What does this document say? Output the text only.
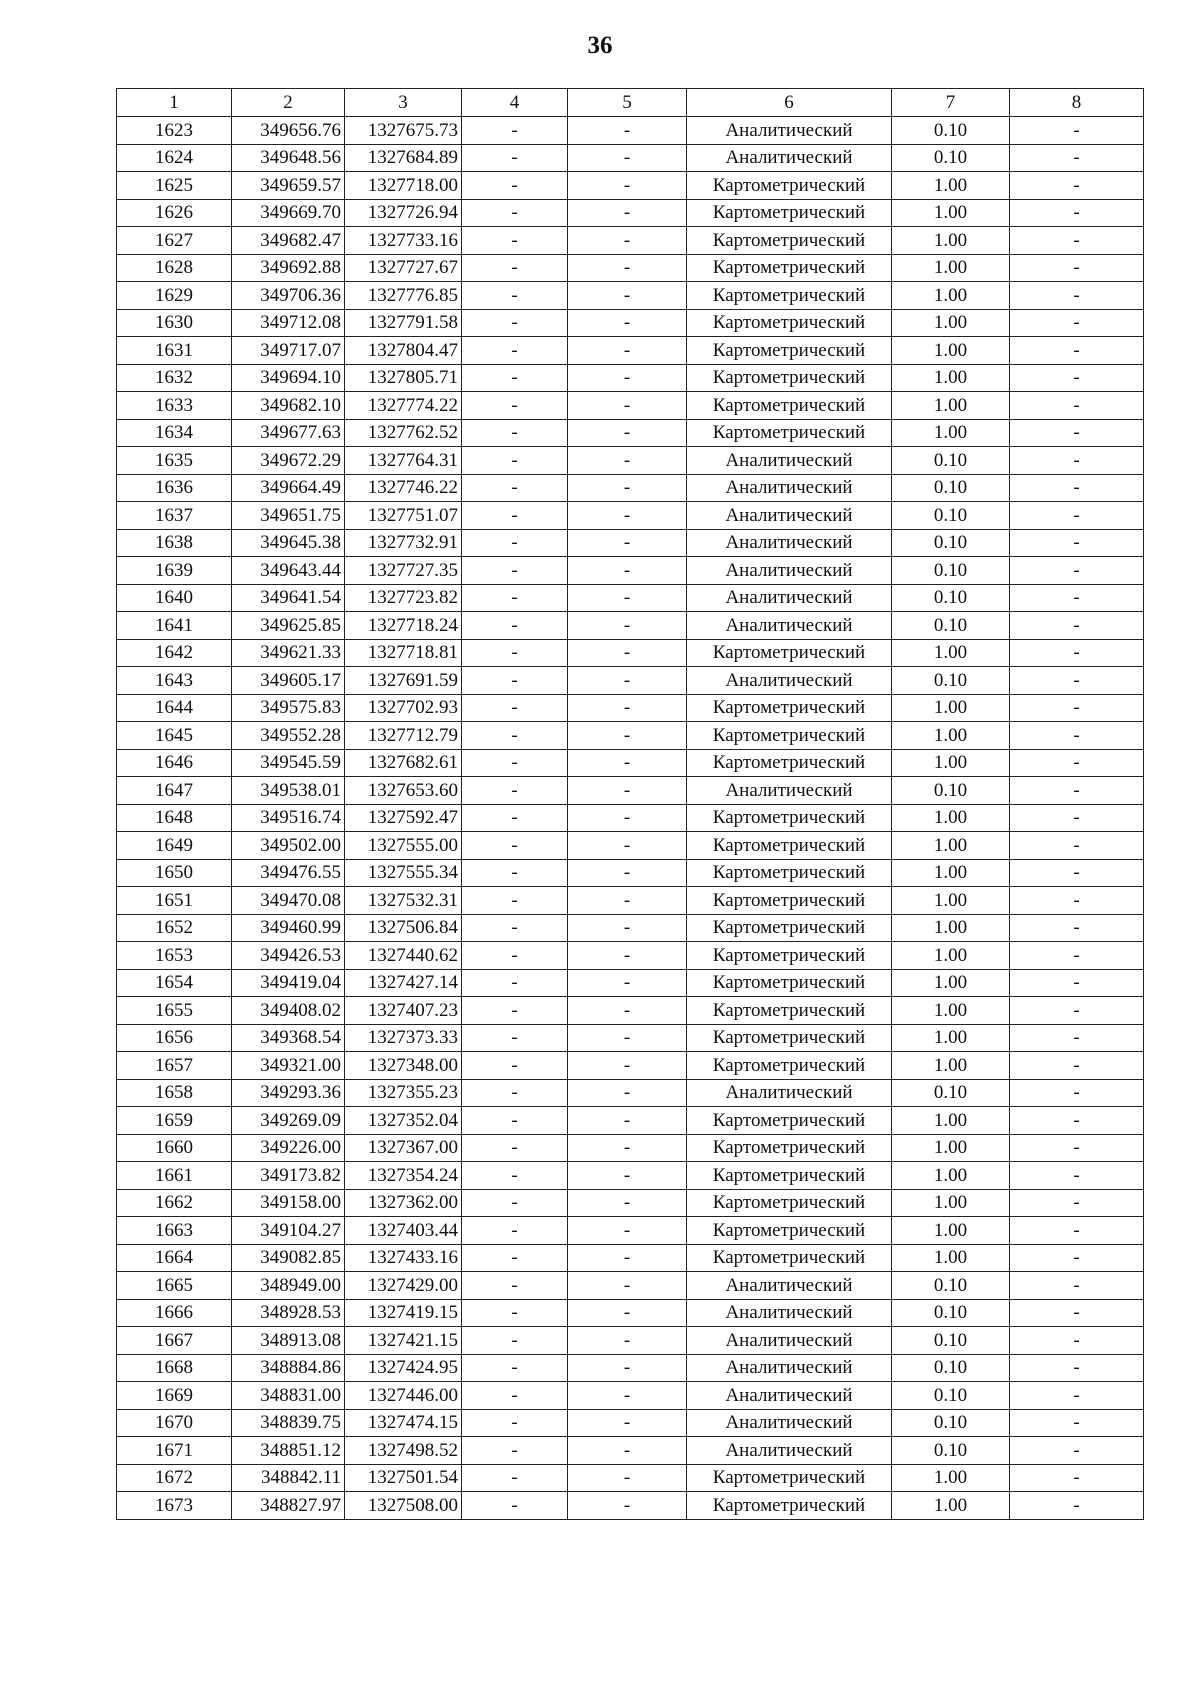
36
1	2	3	4	5	6	7	8
1623	349656.76	1327675.73	-	-	Аналитический	0.10	-
1624	349648.56	1327684.89	-	-	Аналитический	0.10	-
1625	349659.57	1327718.00	-	-	Картометрический	1.00	-
1626	349669.70	1327726.94	-	-	Картометрический	1.00	-
1627	349682.47	1327733.16	-	-	Картометрический	1.00	-
1628	349692.88	1327727.67	-	-	Картометрический	1.00	-
1629	349706.36	1327776.85	-	-	Картометрический	1.00	-
1630	349712.08	1327791.58	-	-	Картометрический	1.00	-
1631	349717.07	1327804.47	-	-	Картометрический	1.00	-
1632	349694.10	1327805.71	-	-	Картометрический	1.00	-
1633	349682.10	1327774.22	-	-	Картометрический	1.00	-
1634	349677.63	1327762.52	-	-	Картометрический	1.00	-
1635	349672.29	1327764.31	-	-	Аналитический	0.10	-
1636	349664.49	1327746.22	-	-	Аналитический	0.10	-
1637	349651.75	1327751.07	-	-	Аналитический	0.10	-
1638	349645.38	1327732.91	-	-	Аналитический	0.10	-
1639	349643.44	1327727.35	-	-	Аналитический	0.10	-
1640	349641.54	1327723.82	-	-	Аналитический	0.10	-
1641	349625.85	1327718.24	-	-	Аналитический	0.10	-
1642	349621.33	1327718.81	-	-	Картометрический	1.00	-
1643	349605.17	1327691.59	-	-	Аналитический	0.10	-
1644	349575.83	1327702.93	-	-	Картометрический	1.00	-
1645	349552.28	1327712.79	-	-	Картометрический	1.00	-
1646	349545.59	1327682.61	-	-	Картометрический	1.00	-
1647	349538.01	1327653.60	-	-	Аналитический	0.10	-
1648	349516.74	1327592.47	-	-	Картометрический	1.00	-
1649	349502.00	1327555.00	-	-	Картометрический	1.00	-
1650	349476.55	1327555.34	-	-	Картометрический	1.00	-
1651	349470.08	1327532.31	-	-	Картометрический	1.00	-
1652	349460.99	1327506.84	-	-	Картометрический	1.00	-
1653	349426.53	1327440.62	-	-	Картометрический	1.00	-
1654	349419.04	1327427.14	-	-	Картометрический	1.00	-
1655	349408.02	1327407.23	-	-	Картометрический	1.00	-
1656	349368.54	1327373.33	-	-	Картометрический	1.00	-
1657	349321.00	1327348.00	-	-	Картометрический	1.00	-
1658	349293.36	1327355.23	-	-	Аналитический	0.10	-
1659	349269.09	1327352.04	-	-	Картометрический	1.00	-
1660	349226.00	1327367.00	-	-	Картометрический	1.00	-
1661	349173.82	1327354.24	-	-	Картометрический	1.00	-
1662	349158.00	1327362.00	-	-	Картометрический	1.00	-
1663	349104.27	1327403.44	-	-	Картометрический	1.00	-
1664	349082.85	1327433.16	-	-	Картометрический	1.00	-
1665	348949.00	1327429.00	-	-	Аналитический	0.10	-
1666	348928.53	1327419.15	-	-	Аналитический	0.10	-
1667	348913.08	1327421.15	-	-	Аналитический	0.10	-
1668	348884.86	1327424.95	-	-	Аналитический	0.10	-
1669	348831.00	1327446.00	-	-	Аналитический	0.10	-
1670	348839.75	1327474.15	-	-	Аналитический	0.10	-
1671	348851.12	1327498.52	-	-	Аналитический	0.10	-
1672	348842.11	1327501.54	-	-	Картометрический	1.00	-
1673	348827.97	1327508.00	-	-	Картометрический	1.00	-
